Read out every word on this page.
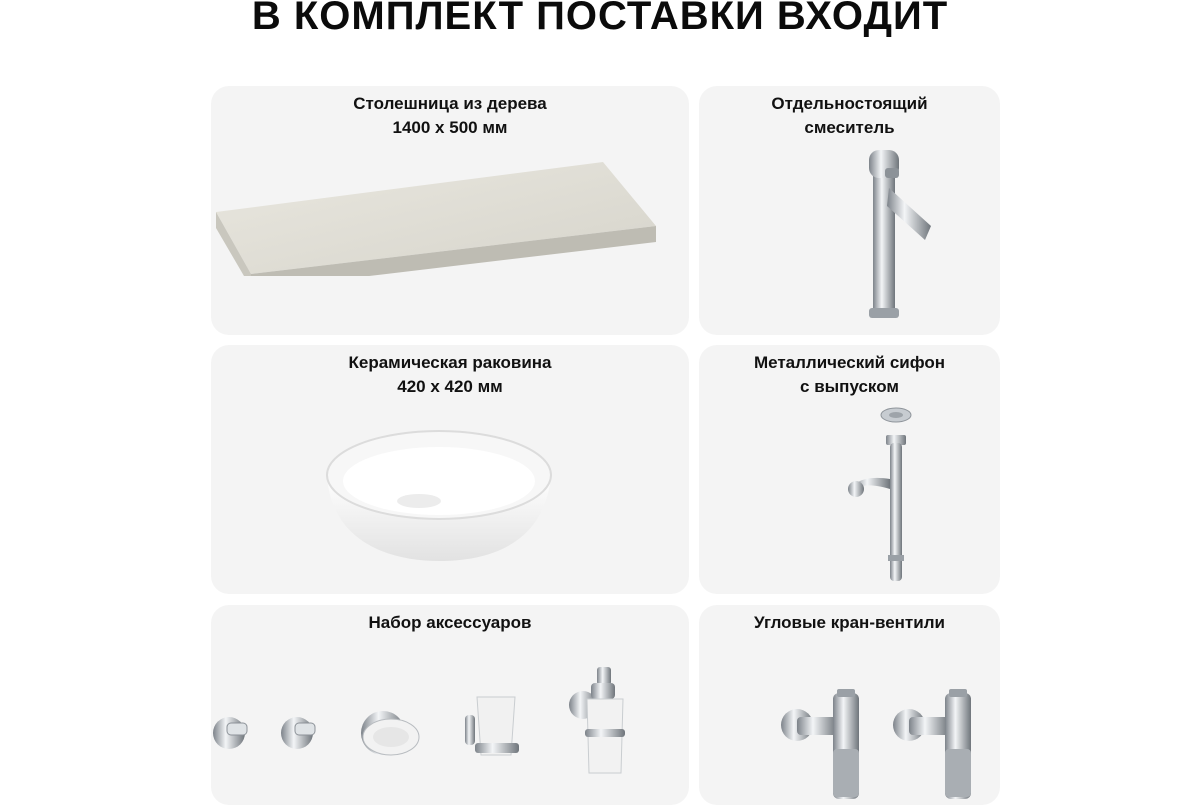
В КОМПЛЕКТ ПОСТАВКИ ВХОДИТ
Столешница из дерева
1400 х 500 мм
Отдельностоящий
смеситель
Керамическая раковина
420 х 420 мм
Металлический сифон
с выпуском
Набор аксессуаров	Угловые кран-вентили
